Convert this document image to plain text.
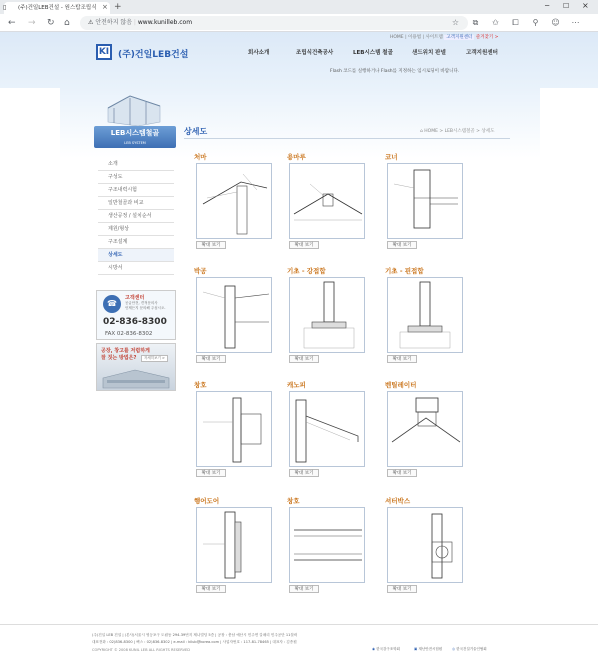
(주)건일LEB건설 - 원스탑조립식
▯	× +	─ ☐ ×
← → ↻ ⌂	⚠ 안전하지 않음 | www.kunilleb.com	☆	⧉	✩ ⧠	⚲	☺ ⋯
HOME | 이용법 | 사이트맵 고객지원센터 즐겨찾기 >
KI (주)건일LEB건설	회사소개	조립식건축공사	LEB시스템 철골	샌드위치 판넬	고객지원센터
Flash 코드를 실행하거나 Flash를 지정하는 임시로딩이 바랍니다.
LEB시스템철골
LEB SYSTEM
소개
구성도
구조내력시험
일반철골과 비교
생산공정 / 설치순서
제원/형상
구조설계
상세도
시방서
☎
고객센터
공급안전, 견적문의사
언제든지 문의해 주십시오.
02-836-8300
FAX 02-836-8302
공장, 창고를 저렴하게
잘 짓는 방법은?	자세히보기 >
상세도	⌂ HOME > LEB시스템철골 > 상세도
처마
확대 보기
용마루
확대 보기
코너
확대 보기
박공
확대 보기
기초 - 강접합
확대 보기
기초 - 핀접합
확대 보기
창호
확대 보기
캐노피
확대 보기
벤틸레이터
확대 보기
행어도어
확대 보기
창호
확대 보기
셔터박스
확대 보기
(주)건일 LEB 건설 | (본사)서울시 영등포구 도림동 294-39번지 제나빌딩 5층 | 공장 : 충남 예산시 민주면 갈매리 민주공단 11블럭
대표전화 : 02)836-8300 | 팩스 : 02)836-8302 | e-mail : kilub@korea.com | 사업자번호 : 117-81-78465 | 대표자 : 김종원
COPYRIGHT © 2008 KUNIL LEB ALL RIGHTS RESERVED	◉ 한국강구조학회	▣ 재난안전시험원	◎ 한국건설기술인협회
